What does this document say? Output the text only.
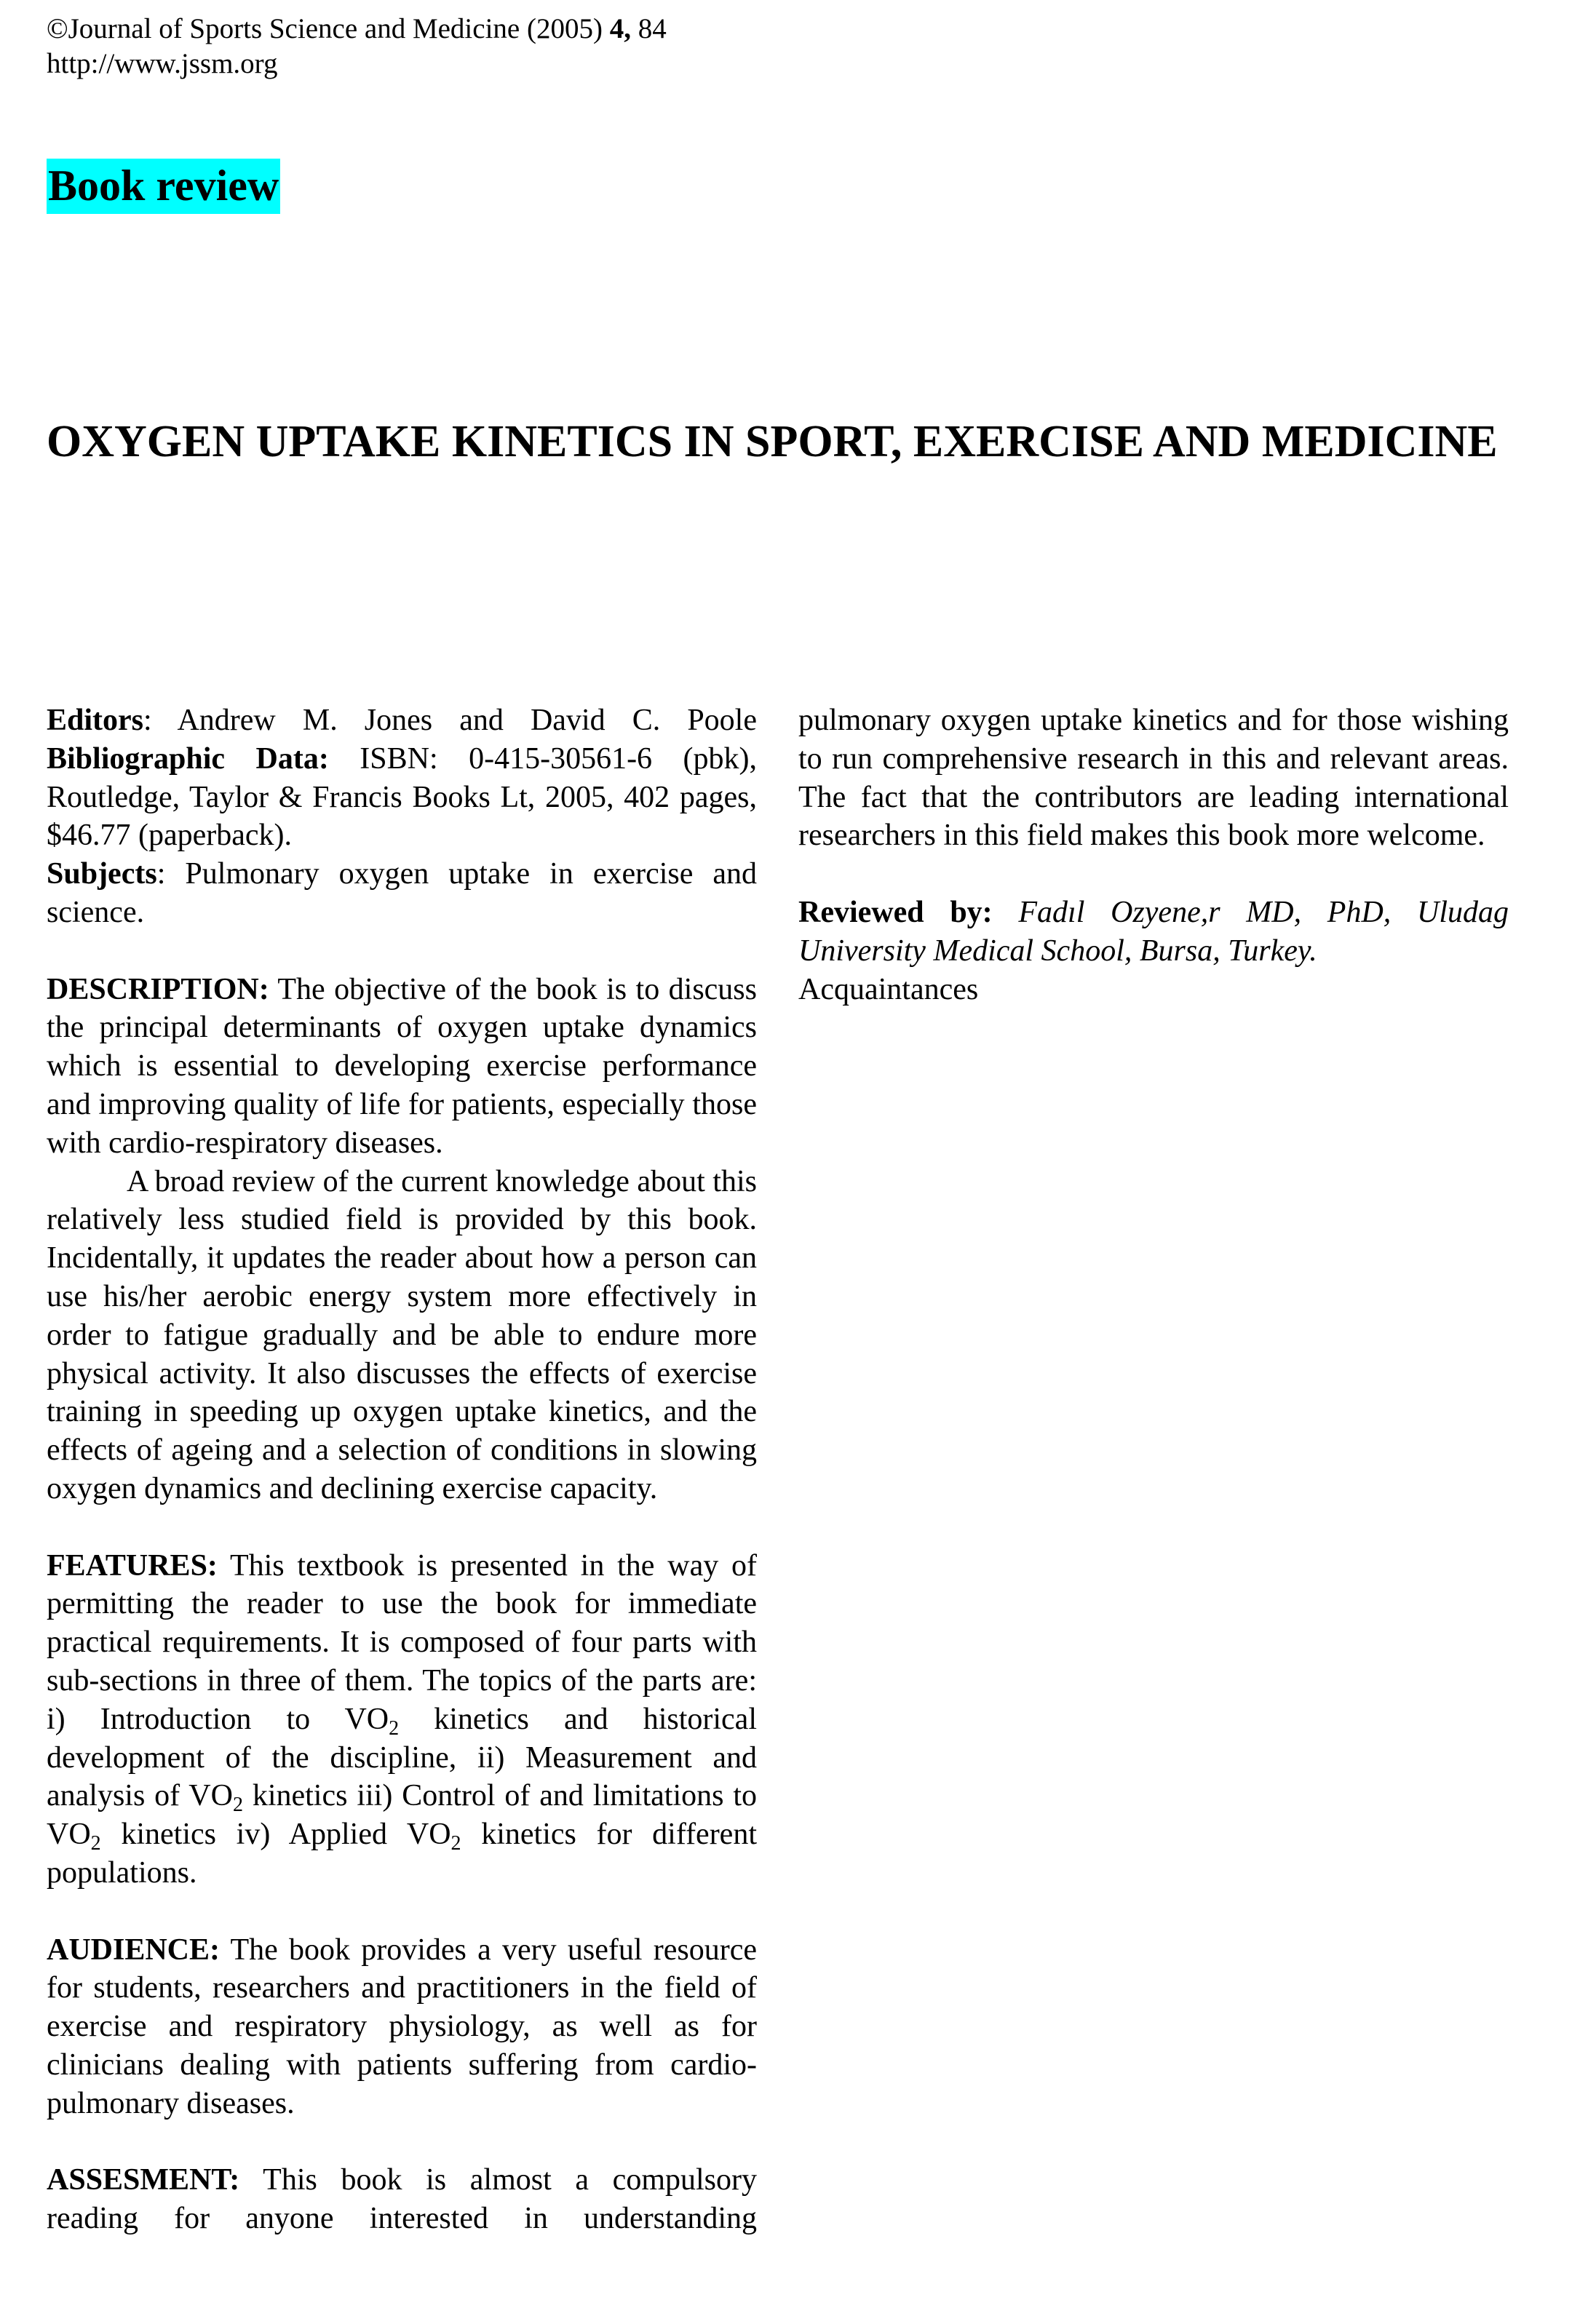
©Journal of Sports Science and Medicine (2005) 4, 84
http://www.jssm.org
Book review
OXYGEN UPTAKE KINETICS IN SPORT, EXERCISE AND MEDICINE

Editors: Andrew M. Jones and David C. Poole

Bibliographic Data: ISBN: 0-415-30561-6 (pbk), Routledge, Taylor & Francis Books Lt, 2005, 402 pages, $46.77 (paperback).

Subjects: Pulmonary oxygen uptake in exercise and science.

DESCRIPTION: The objective of the book is to discuss the principal determinants of oxygen uptake dynamics which is essential to developing exercise performance and improving quality of life for patients, especially those with cardio-respiratory diseases.

A broad review of the current knowledge about this relatively less studied field is provided by this book. Incidentally, it updates the reader about how a person can use his/her aerobic energy system more effectively in order to fatigue gradually and be able to endure more physical activity. It also discusses the effects of exercise training in speeding up oxygen uptake kinetics, and the effects of ageing and a selection of conditions in slowing oxygen dynamics and declining exercise capacity.

FEATURES: This textbook is presented in the way of permitting the reader to use the book for immediate practical requirements. It is composed of four parts with sub-sections in three of them. The topics of the parts are: i) Introduction to $VO_2$ kinetics and historical development of the discipline, ii) Measurement and analysis of $VO_2$ kinetics iii) Control of and limitations to $VO_2$ kinetics iv) Applied $VO_2$ kinetics for different populations.

AUDIENCE: The book provides a very useful resource for students, researchers and practitioners in the field of exercise and respiratory physiology, as well as for clinicians dealing with patients suffering from cardio-pulmonary diseases.

ASSESMENT: This book is almost a compulsory reading for anyone interested in understanding

pulmonary oxygen uptake kinetics and for those wishing to run comprehensive research in this and relevant areas. The fact that the contributors are leading international researchers in this field makes this book more welcome.

Reviewed by: Fadıl Ozyene,r MD, PhD, Uludag University Medical School, Bursa, Turkey.

Acquaintances
